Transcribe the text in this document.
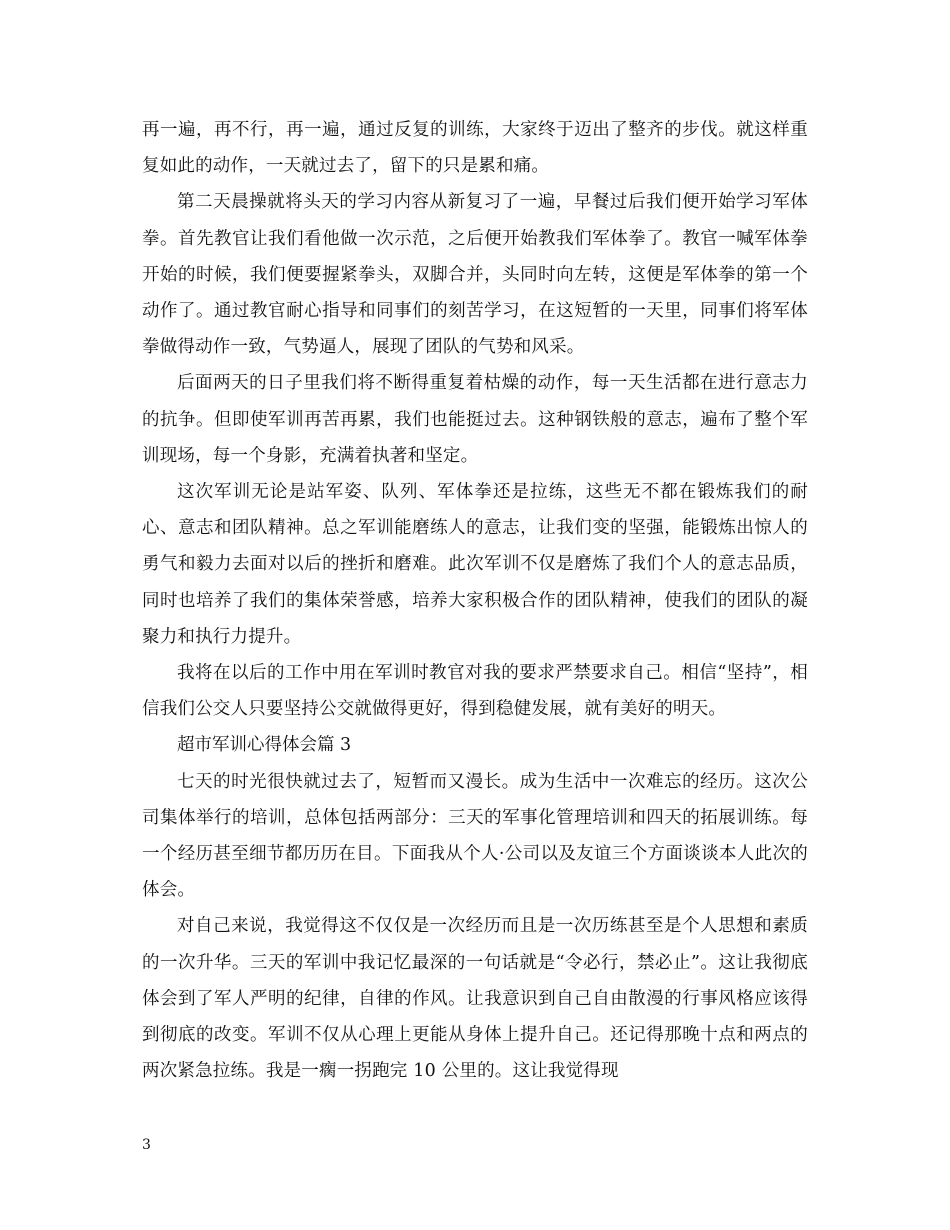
再一遍，再不行，再一遍，通过反复的训练，大家终于迈出了整齐的步伐。就这样重复如此的动作，一天就过去了，留下的只是累和痛。

第二天晨操就将头天的学习内容从新复习了一遍，早餐过后我们便开始学习军体拳。首先教官让我们看他做一次示范，之后便开始教我们军体拳了。教官一喊军体拳开始的时候，我们便要握紧拳头，双脚合并，头同时向左转，这便是军体拳的第一个动作了。通过教官耐心指导和同事们的刻苦学习，在这短暂的一天里，同事们将军体拳做得动作一致，气势逼人，展现了团队的气势和风采。

后面两天的日子里我们将不断得重复着枯燥的动作，每一天生活都在进行意志力的抗争。但即使军训再苦再累，我们也能挺过去。这种钢铁般的意志，遍布了整个军训现场，每一个身影，充满着执著和坚定。

这次军训无论是站军姿、队列、军体拳还是拉练，这些无不都在锻炼我们的耐心、意志和团队精神。总之军训能磨练人的意志，让我们变的坚强，能锻炼出惊人的勇气和毅力去面对以后的挫折和磨难。此次军训不仅是磨炼了我们个人的意志品质，同时也培养了我们的集体荣誉感，培养大家积极合作的团队精神，使我们的团队的凝聚力和执行力提升。

我将在以后的工作中用在军训时教官对我的要求严禁要求自己。相信“坚持”，相信我们公交人只要坚持公交就做得更好，得到稳健发展，就有美好的明天。

超市军训心得体会篇 3

七天的时光很快就过去了，短暂而又漫长。成为生活中一次难忘的经历。这次公司集体举行的培训，总体包括两部分：三天的军事化管理培训和四天的拓展训练。每一个经历甚至细节都历历在目。下面我从个人·公司以及友谊三个方面谈谈本人此次的体会。

对自己来说，我觉得这不仅仅是一次经历而且是一次历练甚至是个人思想和素质的一次升华。三天的军训中我记忆最深的一句话就是“令必行，禁必止”。这让我彻底体会到了军人严明的纪律，自律的作风。让我意识到自己自由散漫的行事风格应该得到彻底的改变。军训不仅从心理上更能从身体上提升自己。还记得那晚十点和两点的两次紧急拉练。我是一瘸一拐跑完 10 公里的。这让我觉得现

3
